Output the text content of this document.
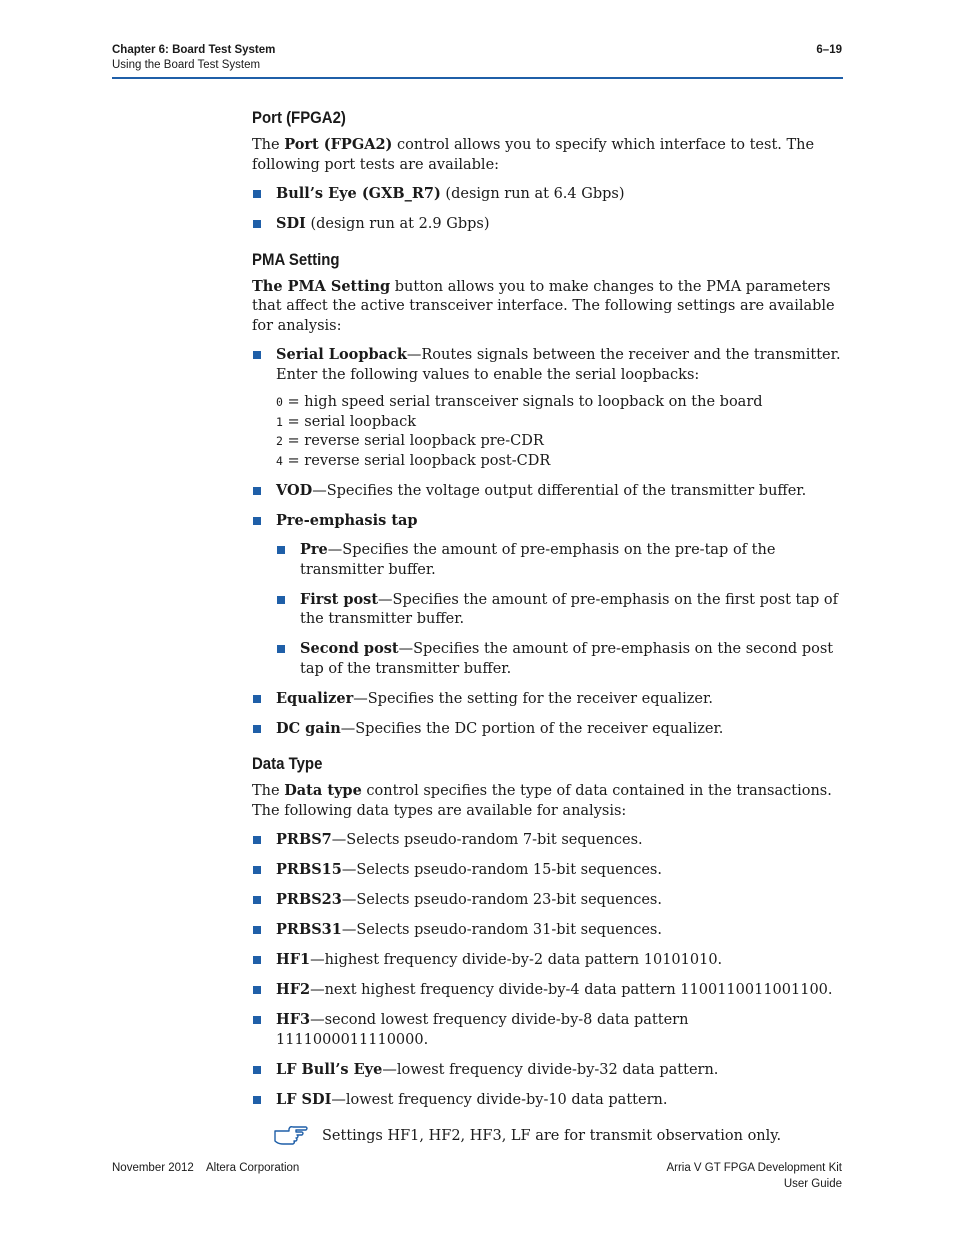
Chapter 6: Board Test System
Using the Board Test System
6–19
Port (FPGA2)

The Port (FPGA2) control allows you to specify which interface to test. The following port tests are available:

Bull’s Eye (GXB_R7) (design run at 6.4 Gbps)
SDI (design run at 2.9 Gbps)
PMA Setting

The PMA Setting button allows you to make changes to the PMA parameters that affect the active transceiver interface. The following settings are available for analysis:

Serial Loopback—Routes signals between the receiver and the transmitter. Enter the following values to enable the serial loopbacks:
0 = high speed serial transceiver signals to loopback on the board
1 = serial loopback
2 = reverse serial loopback pre-CDR
4 = reverse serial loopback post-CDR
VOD—Specifies the voltage output differential of the transmitter buffer.
Pre-emphasis tap
Pre—Specifies the amount of pre-emphasis on the pre-tap of the transmitter buffer.
First post—Specifies the amount of pre-emphasis on the first post tap of the transmitter buffer.
Second post—Specifies the amount of pre-emphasis on the second post tap of the transmitter buffer.
Equalizer—Specifies the setting for the receiver equalizer.
DC gain—Specifies the DC portion of the receiver equalizer.
Data Type

The Data type control specifies the type of data contained in the transactions. The following data types are available for analysis:

PRBS7—Selects pseudo-random 7-bit sequences.
PRBS15—Selects pseudo-random 15-bit sequences.
PRBS23—Selects pseudo-random 23-bit sequences.
PRBS31—Selects pseudo-random 31-bit sequences.
HF1—highest frequency divide-by-2 data pattern 10101010.
HF2—next highest frequency divide-by-4 data pattern 1100110011001100.
HF3—second lowest frequency divide-by-8 data pattern 1111000011110000.
LF Bull’s Eye—lowest frequency divide-by-32 data pattern.
LF SDI—lowest frequency divide-by-10 data pattern.
Settings HF1, HF2, HF3, LF are for transmit observation only.
November 2012 Altera Corporation	Arria V GT FPGA Development Kit
User Guide
